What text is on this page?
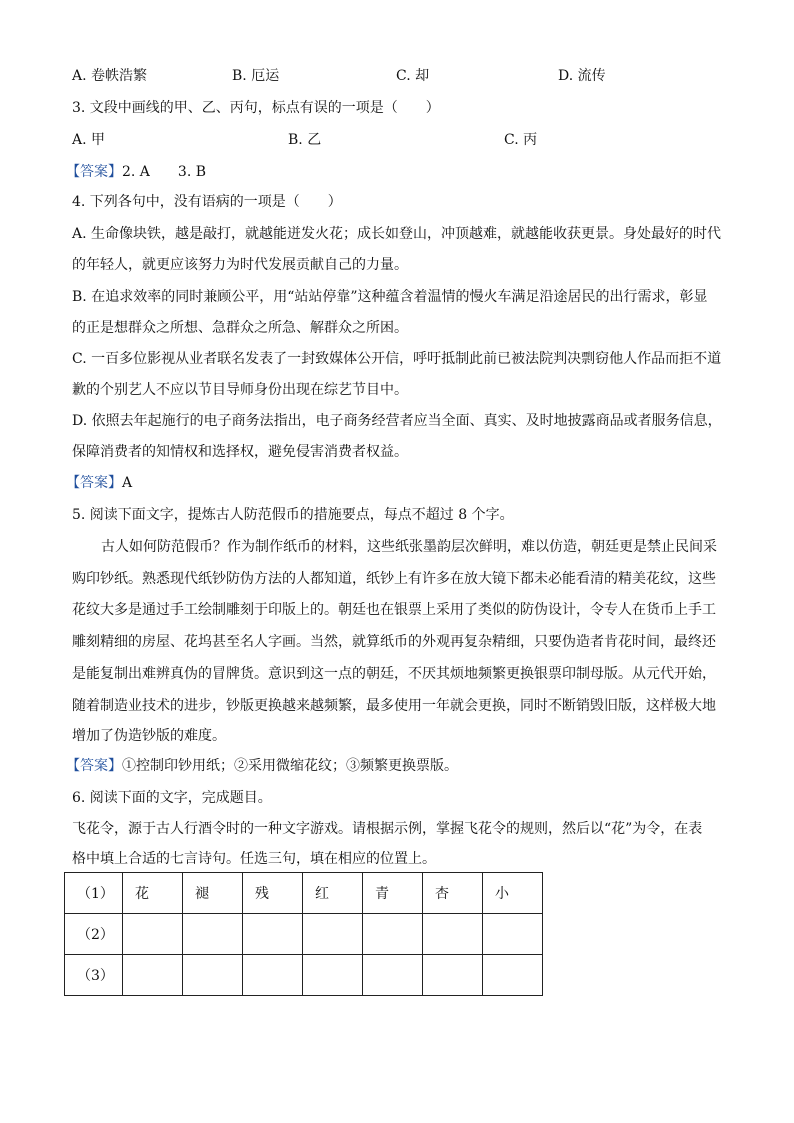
A. 卷帙浩繁	B. 厄运	C. 却	D. 流传
3. 文段中画线的甲、乙、丙句，标点有误的一项是（　　）
A. 甲	B. 乙	C. 丙
【答案】2. A　　3. B
4. 下列各句中，没有语病的一项是（　　）
A. 生命像块铁，越是敲打，就越能迸发火花；成长如登山，冲顶越难，就越能收获更景。身处最好的时代
的年轻人，就更应该努力为时代发展贡献自己的力量。
B. 在追求效率的同时兼顾公平，用“站站停靠”这种蕴含着温情的慢火车满足沿途居民的出行需求，彰显
的正是想群众之所想、急群众之所急、解群众之所困。
C. 一百多位影视从业者联名发表了一封致媒体公开信，呼吁抵制此前已被法院判决剽窃他人作品而拒不道
歉的个别艺人不应以节目导师身份出现在综艺节目中。
D. 依照去年起施行的电子商务法指出，电子商务经营者应当全面、真实、及时地披露商品或者服务信息，
保障消费者的知情权和选择权，避免侵害消费者权益。
【答案】A
5. 阅读下面文字，提炼古人防范假币的措施要点，每点不超过 8 个字。
古人如何防范假币？作为制作纸币的材料，这些纸张墨韵层次鲜明，难以仿造，朝廷更是禁止民间采
购印钞纸。熟悉现代纸钞防伪方法的人都知道，纸钞上有许多在放大镜下都未必能看清的精美花纹，这些
花纹大多是通过手工绘制雕刻于印版上的。朝廷也在银票上采用了类似的防伪设计，令专人在货币上手工
雕刻精细的房屋、花坞甚至名人字画。当然，就算纸币的外观再复杂精细，只要伪造者肯花时间，最终还
是能复制出难辨真伪的冒牌货。意识到这一点的朝廷，不厌其烦地频繁更换银票印制母版。从元代开始，
随着制造业技术的进步，钞版更换越来越频繁，最多使用一年就会更换，同时不断销毁旧版，这样极大地
增加了伪造钞版的难度。
【答案】①控制印钞用纸；②采用微缩花纹；③频繁更换票版。
6. 阅读下面的文字，完成题目。
飞花令，源于古人行酒令时的一种文字游戏。请根据示例，掌握飞花令的规则，然后以“花”为令，在表
格中填上合适的七言诗句。任选三句，填在相应的位置上。
（1）	花	褪	残	红	青	杏	小
（2）							
（3）							
